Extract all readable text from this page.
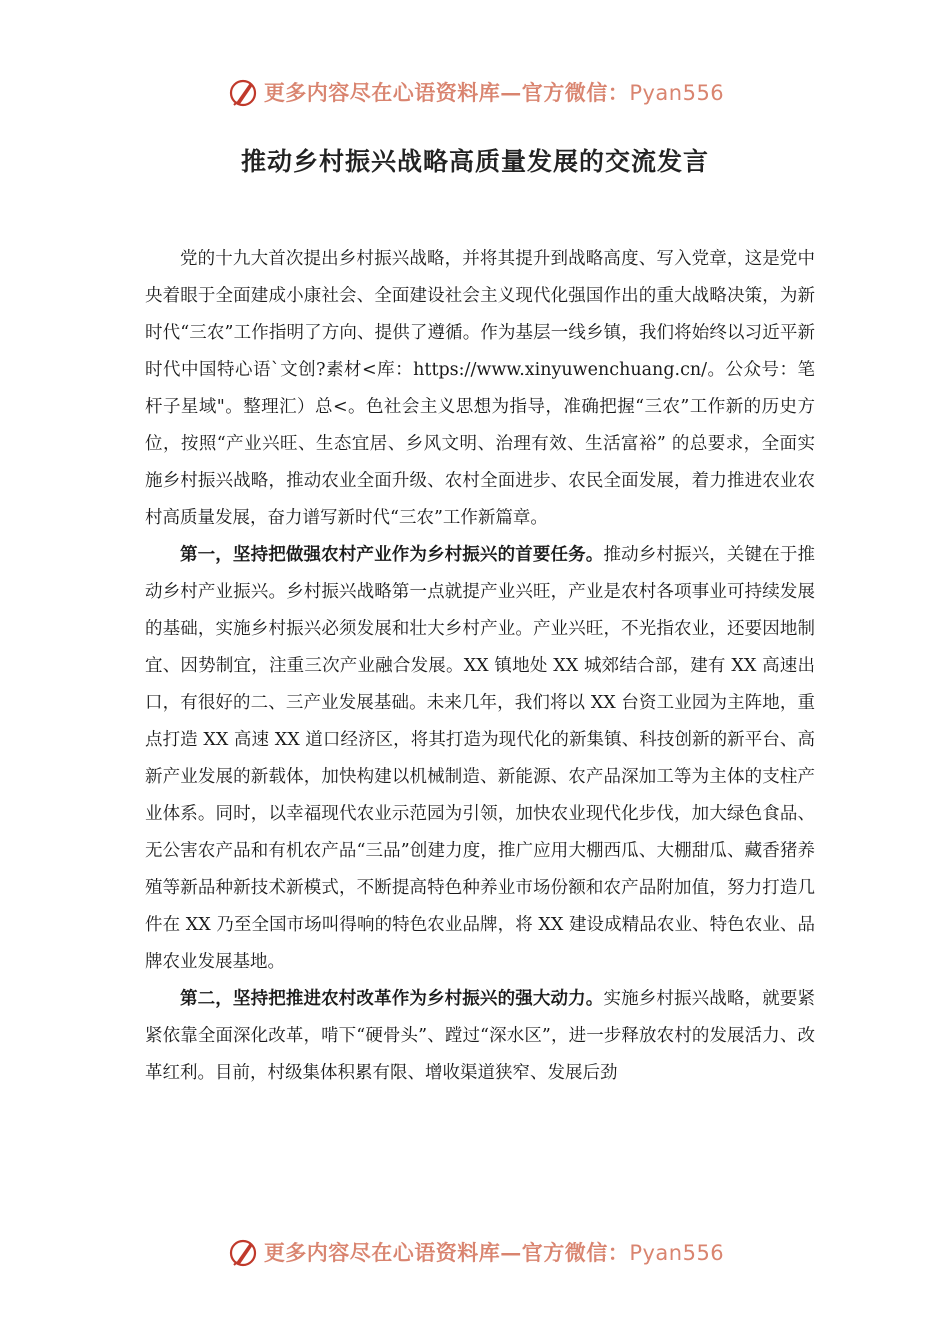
更多内容尽在心语资料库—官方微信：Pyan556
推动乡村振兴战略高质量发展的交流发言

党的十九大首次提出乡村振兴战略，并将其提升到战略高度、写入党章，这是党中央着眼于全面建成小康社会、全面建设社会主义现代化强国作出的重大战略决策，为新时代“三农”工作指明了方向、提供了遵循。作为基层一线乡镇，我们将始终以习近平新时代中国特心语`文创?素材<库：https://www.xinyuwenchuang.cn/。公众号：笔杆子星域"。整理汇）总<。色社会主义思想为指导，准确把握“三农”工作新的历史方位，按照“产业兴旺、生态宜居、乡风文明、治理有效、生活富裕” 的总要求，全面实施乡村振兴战略，推动农业全面升级、农村全面进步、农民全面发展，着力推进农业农村高质量发展，奋力谱写新时代“三农”工作新篇章。

第一，坚持把做强农村产业作为乡村振兴的首要任务。推动乡村振兴，关键在于推动乡村产业振兴。乡村振兴战略第一点就提产业兴旺，产业是农村各项事业可持续发展的基础，实施乡村振兴必须发展和壮大乡村产业。产业兴旺，不光指农业，还要因地制宜、因势制宜，注重三次产业融合发展。XX 镇地处 XX 城郊结合部，建有 XX 高速出口，有很好的二、三产业发展基础。未来几年，我们将以 XX 台资工业园为主阵地，重点打造 XX 高速 XX 道口经济区，将其打造为现代化的新集镇、科技创新的新平台、高新产业发展的新载体，加快构建以机械制造、新能源、农产品深加工等为主体的支柱产业体系。同时，以幸福现代农业示范园为引领，加快农业现代化步伐，加大绿色食品、无公害农产品和有机农产品“三品”创建力度，推广应用大棚西瓜、大棚甜瓜、藏香猪养殖等新品种新技术新模式，不断提高特色种养业市场份额和农产品附加值，努力打造几件在 XX 乃至全国市场叫得响的特色农业品牌，将 XX 建设成精品农业、特色农业、品牌农业发展基地。

第二，坚持把推进农村改革作为乡村振兴的强大动力。实施乡村振兴战略，就要紧紧依靠全面深化改革，啃下“硬骨头”、蹚过“深水区”，进一步释放农村的发展活力、改革红利。目前，村级集体积累有限、增收渠道狭窄、发展后劲

更多内容尽在心语资料库—官方微信：Pyan556
